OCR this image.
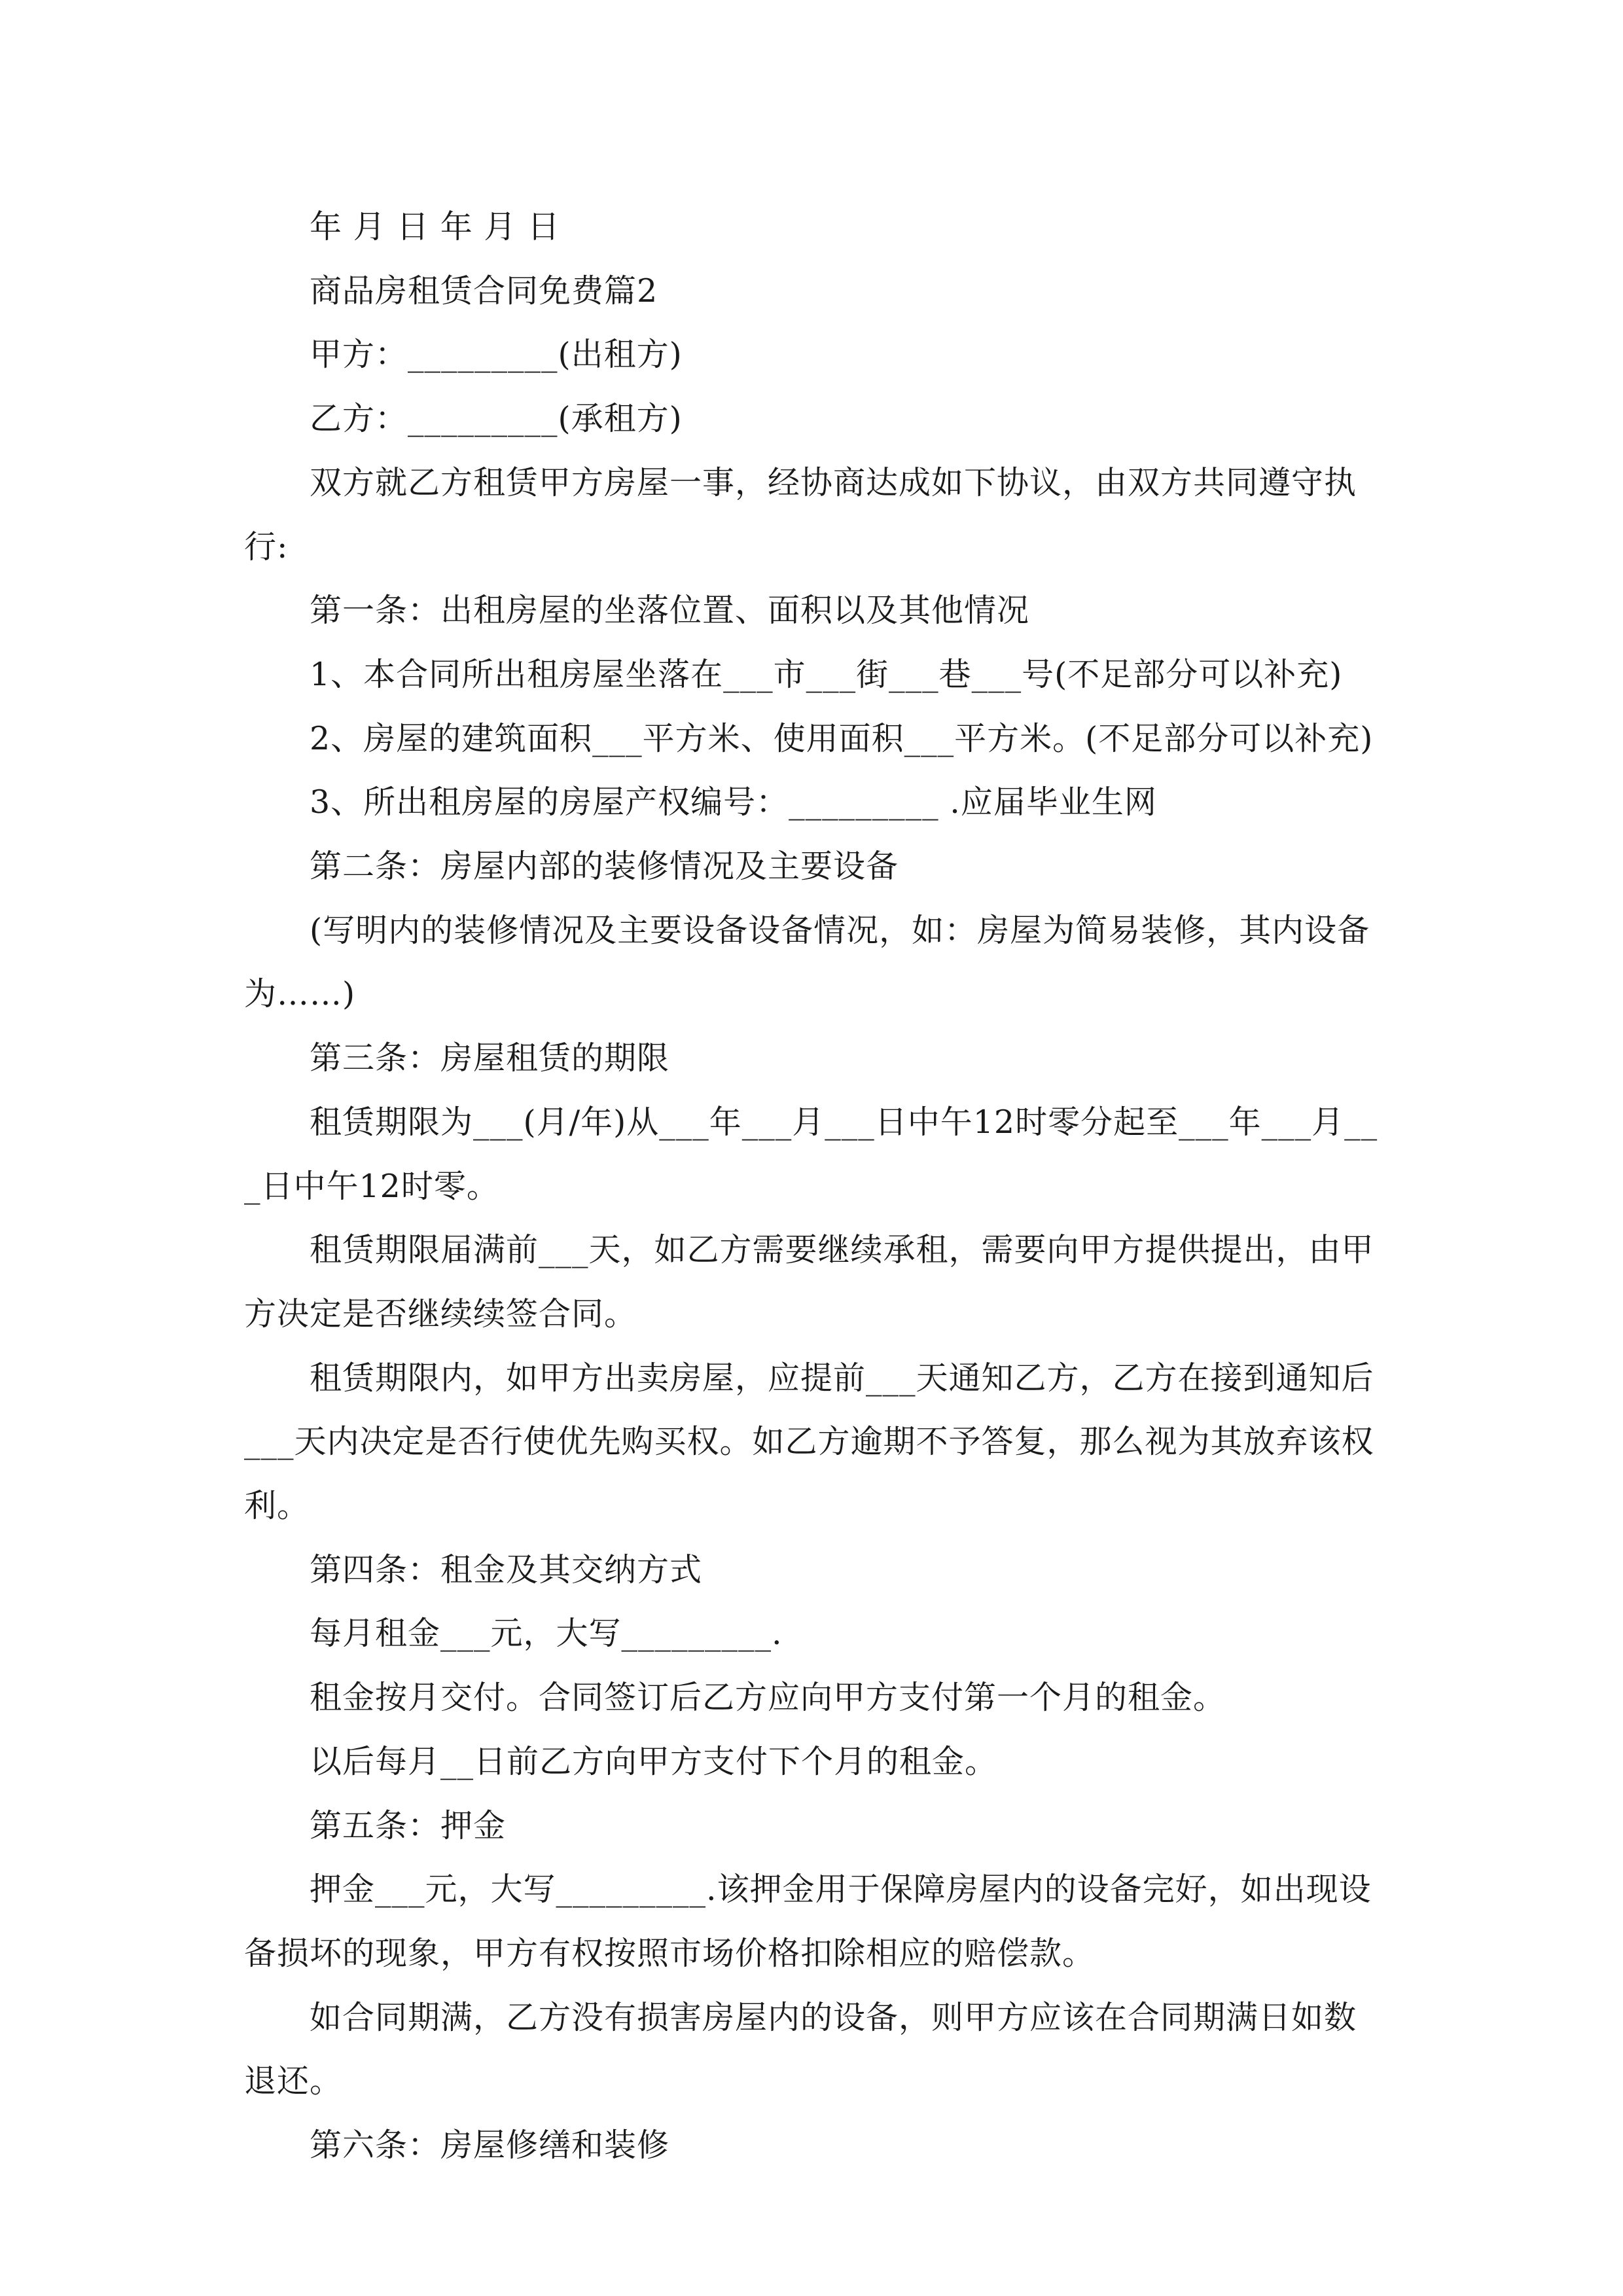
年 月 日 年 月 日

商品房租赁合同免费篇2

甲方：_________(出租方)

乙方：_________(承租方)

双方就乙方租赁甲方房屋一事，经协商达成如下协议，由双方共同遵守执行:

第一条：出租房屋的坐落位置、面积以及其他情况

1、本合同所出租房屋坐落在___市___街___巷___号(不足部分可以补充)

2、房屋的建筑面积___平方米、使用面积___平方米。(不足部分可以补充)

3、所出租房屋的房屋产权编号：_________ .应届毕业生网

第二条：房屋内部的装修情况及主要设备

(写明内的装修情况及主要设备设备情况，如：房屋为简易装修，其内设备为……)

第三条：房屋租赁的期限

租赁期限为___(月/年)从___年___月___日中午12时零分起至___年___月___日中午12时零。

租赁期限届满前___天，如乙方需要继续承租，需要向甲方提供提出，由甲方决定是否继续续签合同。

租赁期限内，如甲方出卖房屋，应提前___天通知乙方，乙方在接到通知后___天内决定是否行使优先购买权。如乙方逾期不予答复，那么视为其放弃该权利。

第四条：租金及其交纳方式

每月租金___元，大写_________.

租金按月交付。合同签订后乙方应向甲方支付第一个月的租金。

以后每月__日前乙方向甲方支付下个月的租金。

第五条：押金

押金___元，大写_________.该押金用于保障房屋内的设备完好，如出现设备损坏的现象，甲方有权按照市场价格扣除相应的赔偿款。

如合同期满，乙方没有损害房屋内的设备，则甲方应该在合同期满日如数退还。

第六条：房屋修缮和装修
